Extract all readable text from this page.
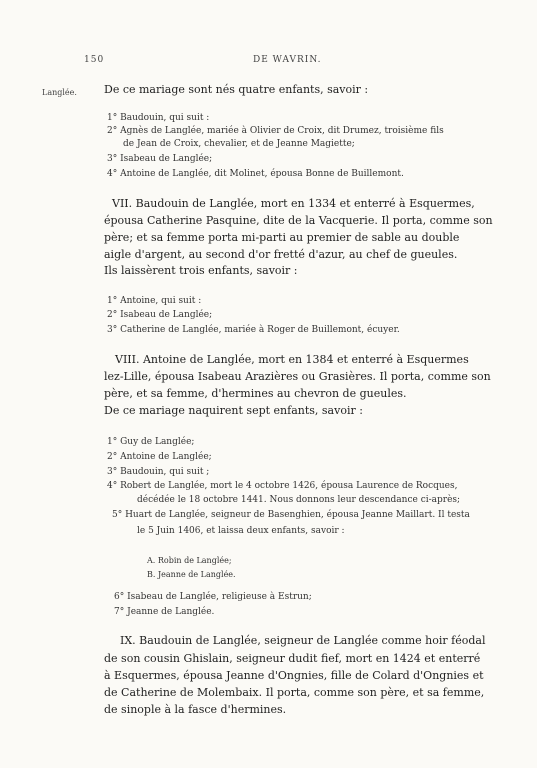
150	DE WAVRIN.
Langlée. De ce mariage sont nés quatre enfants, savoir :
1° Baudouin, qui suit :
2° Agnès de Langlée, mariée à Olivier de Croix, dit Drumez, troisième fils
de Jean de Croix, chevalier, et de Jeanne Magiette;
3° Isabeau de Langlée;
4° Antoine de Langlée, dit Molinet, épousa Bonne de Buillemont.
VII. Baudouin de Langlée, mort en 1334 et enterré à Esquermes,
épousa Catherine Pasquine, dite de la Vacquerie. Il porta, comme son
père; et sa femme porta mi-parti au premier de sable au double
aigle d'argent, au second d'or fretté d'azur, au chef de gueules.
Ils laissèrent trois enfants, savoir :
1° Antoine, qui suit :
2° Isabeau de Langlée;
3° Catherine de Langlée, mariée à Roger de Buillemont, écuyer.
VIII. Antoine de Langlée, mort en 1384 et enterré à Esquermes
lez-Lille, épousa Isabeau Arazières ou Grasières. Il porta, comme son
père, et sa femme, d'hermines au chevron de gueules.
De ce mariage naquirent sept enfants, savoir :
1° Guy de Langlée;
2° Antoine de Langlée;
3° Baudouin, qui suit ;
4° Robert de Langlée, mort le 4 octobre 1426, épousa Laurence de Rocques,
décédée le 18 octobre 1441. Nous donnons leur descendance ci-après;
5° Huart de Langlée, seigneur de Basenghien, épousa Jeanne Maillart. Il testa
le 5 Juin 1406, et laissa deux enfants, savoir :
A. Robin de Langlée;
B. Jeanne de Langlée.
6° Isabeau de Langlée, religieuse à Estrun;
7° Jeanne de Langlée.
IX. Baudouin de Langlée, seigneur de Langlée comme hoir féodal
de son cousin Ghislain, seigneur dudit fief, mort en 1424 et enterré
à Esquermes, épousa Jeanne d'Ongnies, fille de Colard d'Ongnies et
de Catherine de Molembaix. Il porta, comme son père, et sa femme,
de sinople à la fasce d'hermines.
